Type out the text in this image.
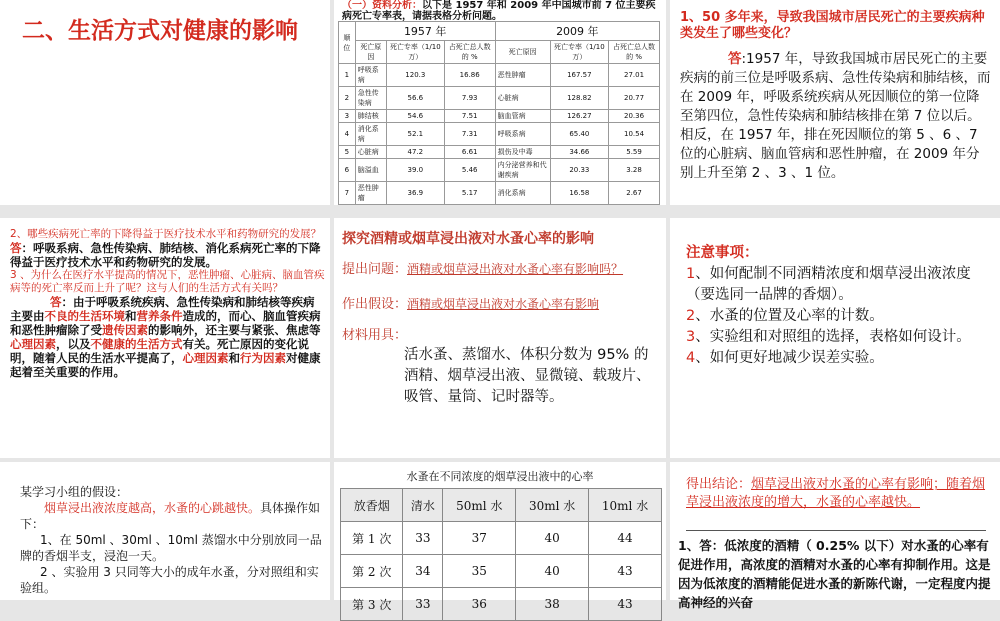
二、生活方式对健康的影响
（一）资料分析：以下是 1957 年和 2009 年中国城市前 7 位主要疾病死亡专率表，请据表格分析问题。
顺位	1957 年			2009 年		
	死亡原因	死亡专率（1/10 万）	占死亡总人数的 %	死亡原因	死亡专率（1/10 万）	占死亡总人数的 %
1	呼吸系病	120.3	16.86	恶性肿瘤	167.57	27.01
2	急性传染病	56.6	7.93	心脏病	128.82	20.77
3	肺结核	54.6	7.51	脑血管病	126.27	20.36
4	消化系病	52.1	7.31	呼吸系病	65.40	10.54
5	心脏病	47.2	6.61	损伤及中毒	34.66	5.59
6	脑溢血	39.0	5.46	内分泌营养和代谢疾病	20.33	3.28
7	恶性肿瘤	36.9	5.17	消化系病	16.58	2.67
1、50 多年来，导致我国城市居民死亡的主要疾病种类发生了哪些变化？
答:1957 年，导致我国城市居民死亡的主要疾病的前三位是呼吸系病、急性传染病和肺结核，而在 2009 年，呼吸系统疾病从死因顺位的第一位降至第四位，急性传染病和肺结核排在第 7 位以后。相反，在 1957 年，排在死因顺位的第 5 、6 、7 位的心脏病、脑血管病和恶性肿瘤，在 2009 年分别上升至第 2 、3 、1 位。
2、哪些疾病死亡率的下降得益于医疗技术水平和药物研究的发展？
答：呼吸系病、急性传染病、肺结核、消化系病死亡率的下降得益于医疗技术水平和药物研究的发展。
3 、为什么在医疗水平提高的情况下，恶性肿瘤、心脏病、脑血管疾病等的死亡率反而上升了呢？这与人们的生活方式有关吗？
答：由于呼吸系统疾病、急性传染病和肺结核等疾病主要由不良的生活环境和营养条件造成的，而心、脑血管疾病和恶性肿瘤除了受遗传因素的影响外，还主要与紧张、焦虑等心理因素，以及不健康的生活方式有关。死亡原因的变化说明，随着人民的生活水平提高了，心理因素和行为因素对健康起着至关重要的作用。
探究酒精或烟草浸出液对水蚤心率的影响
提出问题：酒精或烟草浸出液对水蚤心率有影响吗？
作出假设：酒精或烟草浸出液对水蚤心率有影响
材料用具：
活水蚤、蒸馏水、体积分数为 95% 的酒精、烟草浸出液、显微镜、载玻片、吸管、量筒、记时器等。
注意事项：
1、如何配制不同酒精浓度和烟草浸出液浓度（要选同一品牌的香烟）。
2、水蚤的位置及心率的计数。
3、实验组和对照组的选择，表格如何设计。
4、如何更好地减少误差实验。
某学习小组的假设：
烟草浸出液浓度越高，水蚤的心跳越快。具体操作如下：
1、在 50ml 、30ml 、10ml 蒸馏水中分别放同一品牌的香烟半支，浸泡一天。
2 、实验用 3 只同等大小的成年水蚤，分对照组和实验组。
水蚤在不同浓度的烟草浸出液中的心率
放香烟	清水	50ml 水	30ml 水	10ml 水
第 1 次	33	37	40	44
第 2 次	34	35	40	43
第 3 次	33	36	38	43
得出结论：烟草浸出液对水蚤的心率有影响；随着烟草浸出液浓度的增大，水蚤的心率越快。
1、答：低浓度的酒精（ 0.25% 以下）对水蚤的心率有促进作用，高浓度的酒精对水蚤的心率有抑制作用。这是因为低浓度的酒精能促进水蚤的新陈代谢，一定程度内提高神经的兴奋
